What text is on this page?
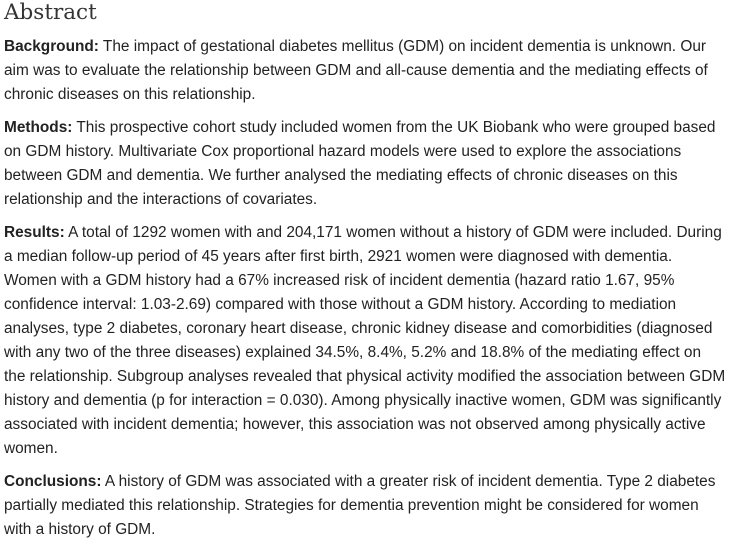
Abstract

Background: The impact of gestational diabetes mellitus (GDM) on incident dementia is unknown. Our aim was to evaluate the relationship between GDM and all-cause dementia and the mediating effects of chronic diseases on this relationship.

Methods: This prospective cohort study included women from the UK Biobank who were grouped based on GDM history. Multivariate Cox proportional hazard models were used to explore the associations between GDM and dementia. We further analysed the mediating effects of chronic diseases on this relationship and the interactions of covariates.

Results: A total of 1292 women with and 204,171 women without a history of GDM were included. During a median follow-up period of 45 years after first birth, 2921 women were diagnosed with dementia. Women with a GDM history had a 67% increased risk of incident dementia (hazard ratio 1.67, 95% confidence interval: 1.03-2.69) compared with those without a GDM history. According to mediation analyses, type 2 diabetes, coronary heart disease, chronic kidney disease and comorbidities (diagnosed with any two of the three diseases) explained 34.5%, 8.4%, 5.2% and 18.8% of the mediating effect on the relationship. Subgroup analyses revealed that physical activity modified the association between GDM history and dementia (p for interaction = 0.030). Among physically inactive women, GDM was significantly associated with incident dementia; however, this association was not observed among physically active women.

Conclusions: A history of GDM was associated with a greater risk of incident dementia. Type 2 diabetes partially mediated this relationship. Strategies for dementia prevention might be considered for women with a history of GDM.
